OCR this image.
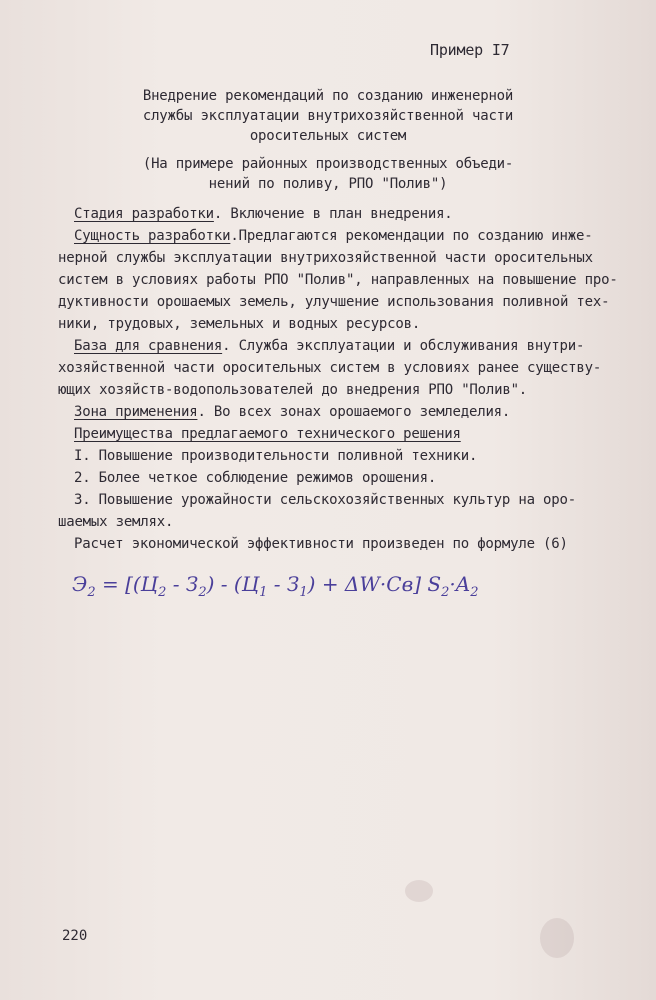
Пример I7
Внедрение рекомендаций по созданию инженерной
службы эксплуатации внутрихозяйственной части
оросительных систем
(На примере районных производственных объеди-
нений по поливу, РПО "Полив")
Стадия разработки. Включение в план внедрения.
Сущность разработки.Предлагаются рекомендации по созданию инже-
нерной службы эксплуатации внутрихозяйственной части оросительных
систем в условиях работы РПО "Полив", направленных на повышение про-
дуктивности орошаемых земель, улучшение использования поливной тех-
ники, трудовых, земельных и водных ресурсов.
База для сравнения. Служба эксплуатации и обслуживания внутри-
хозяйственной части оросительных систем в условиях ранее существу-
ющих хозяйств-водопользователей до внедрения РПО "Полив".
Зона применения. Во всех зонах орошаемого земледелия.
Преимущества предлагаемого технического решения
I. Повышение производительности поливной техники.
2. Более четкое соблюдение режимов орошения.
3. Повышение урожайности сельскохозяйственных культур на оро-
шаемых землях.
Расчет экономической эффективности произведен по формуле (6)
$Э_2 = [(Ц_2 - З_2) - (Ц_1 - З_1) + \Delta W\cdot Cв]$ $S_2\cdot A_2$
220
